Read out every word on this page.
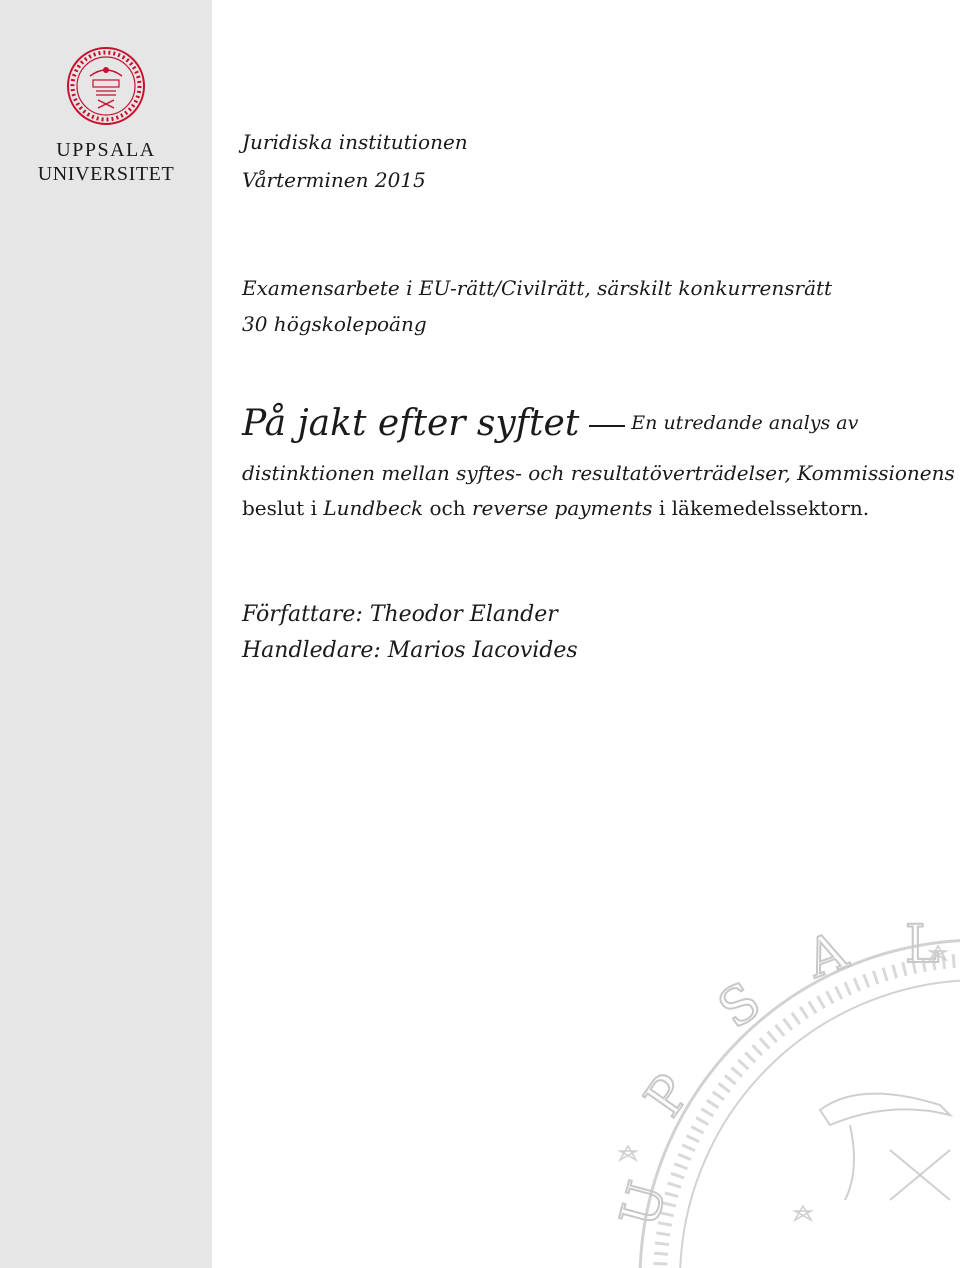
UPPSALA
UNIVERSITET
Juridiska institutionen
Vårterminen 2015
Examensarbete i EU-rätt/Civilrätt, särskilt konkurrensrätt
30 högskolepoäng
På jakt efter syftet	En utredande analys av
distinktionen mellan syftes- och resultatöverträdelser, Kommissionens
beslut i Lundbeck och reverse payments i läkemedelssektorn.
Författare: Theodor Elander
Handledare: Marios Iacovides
U
P
S
A L
